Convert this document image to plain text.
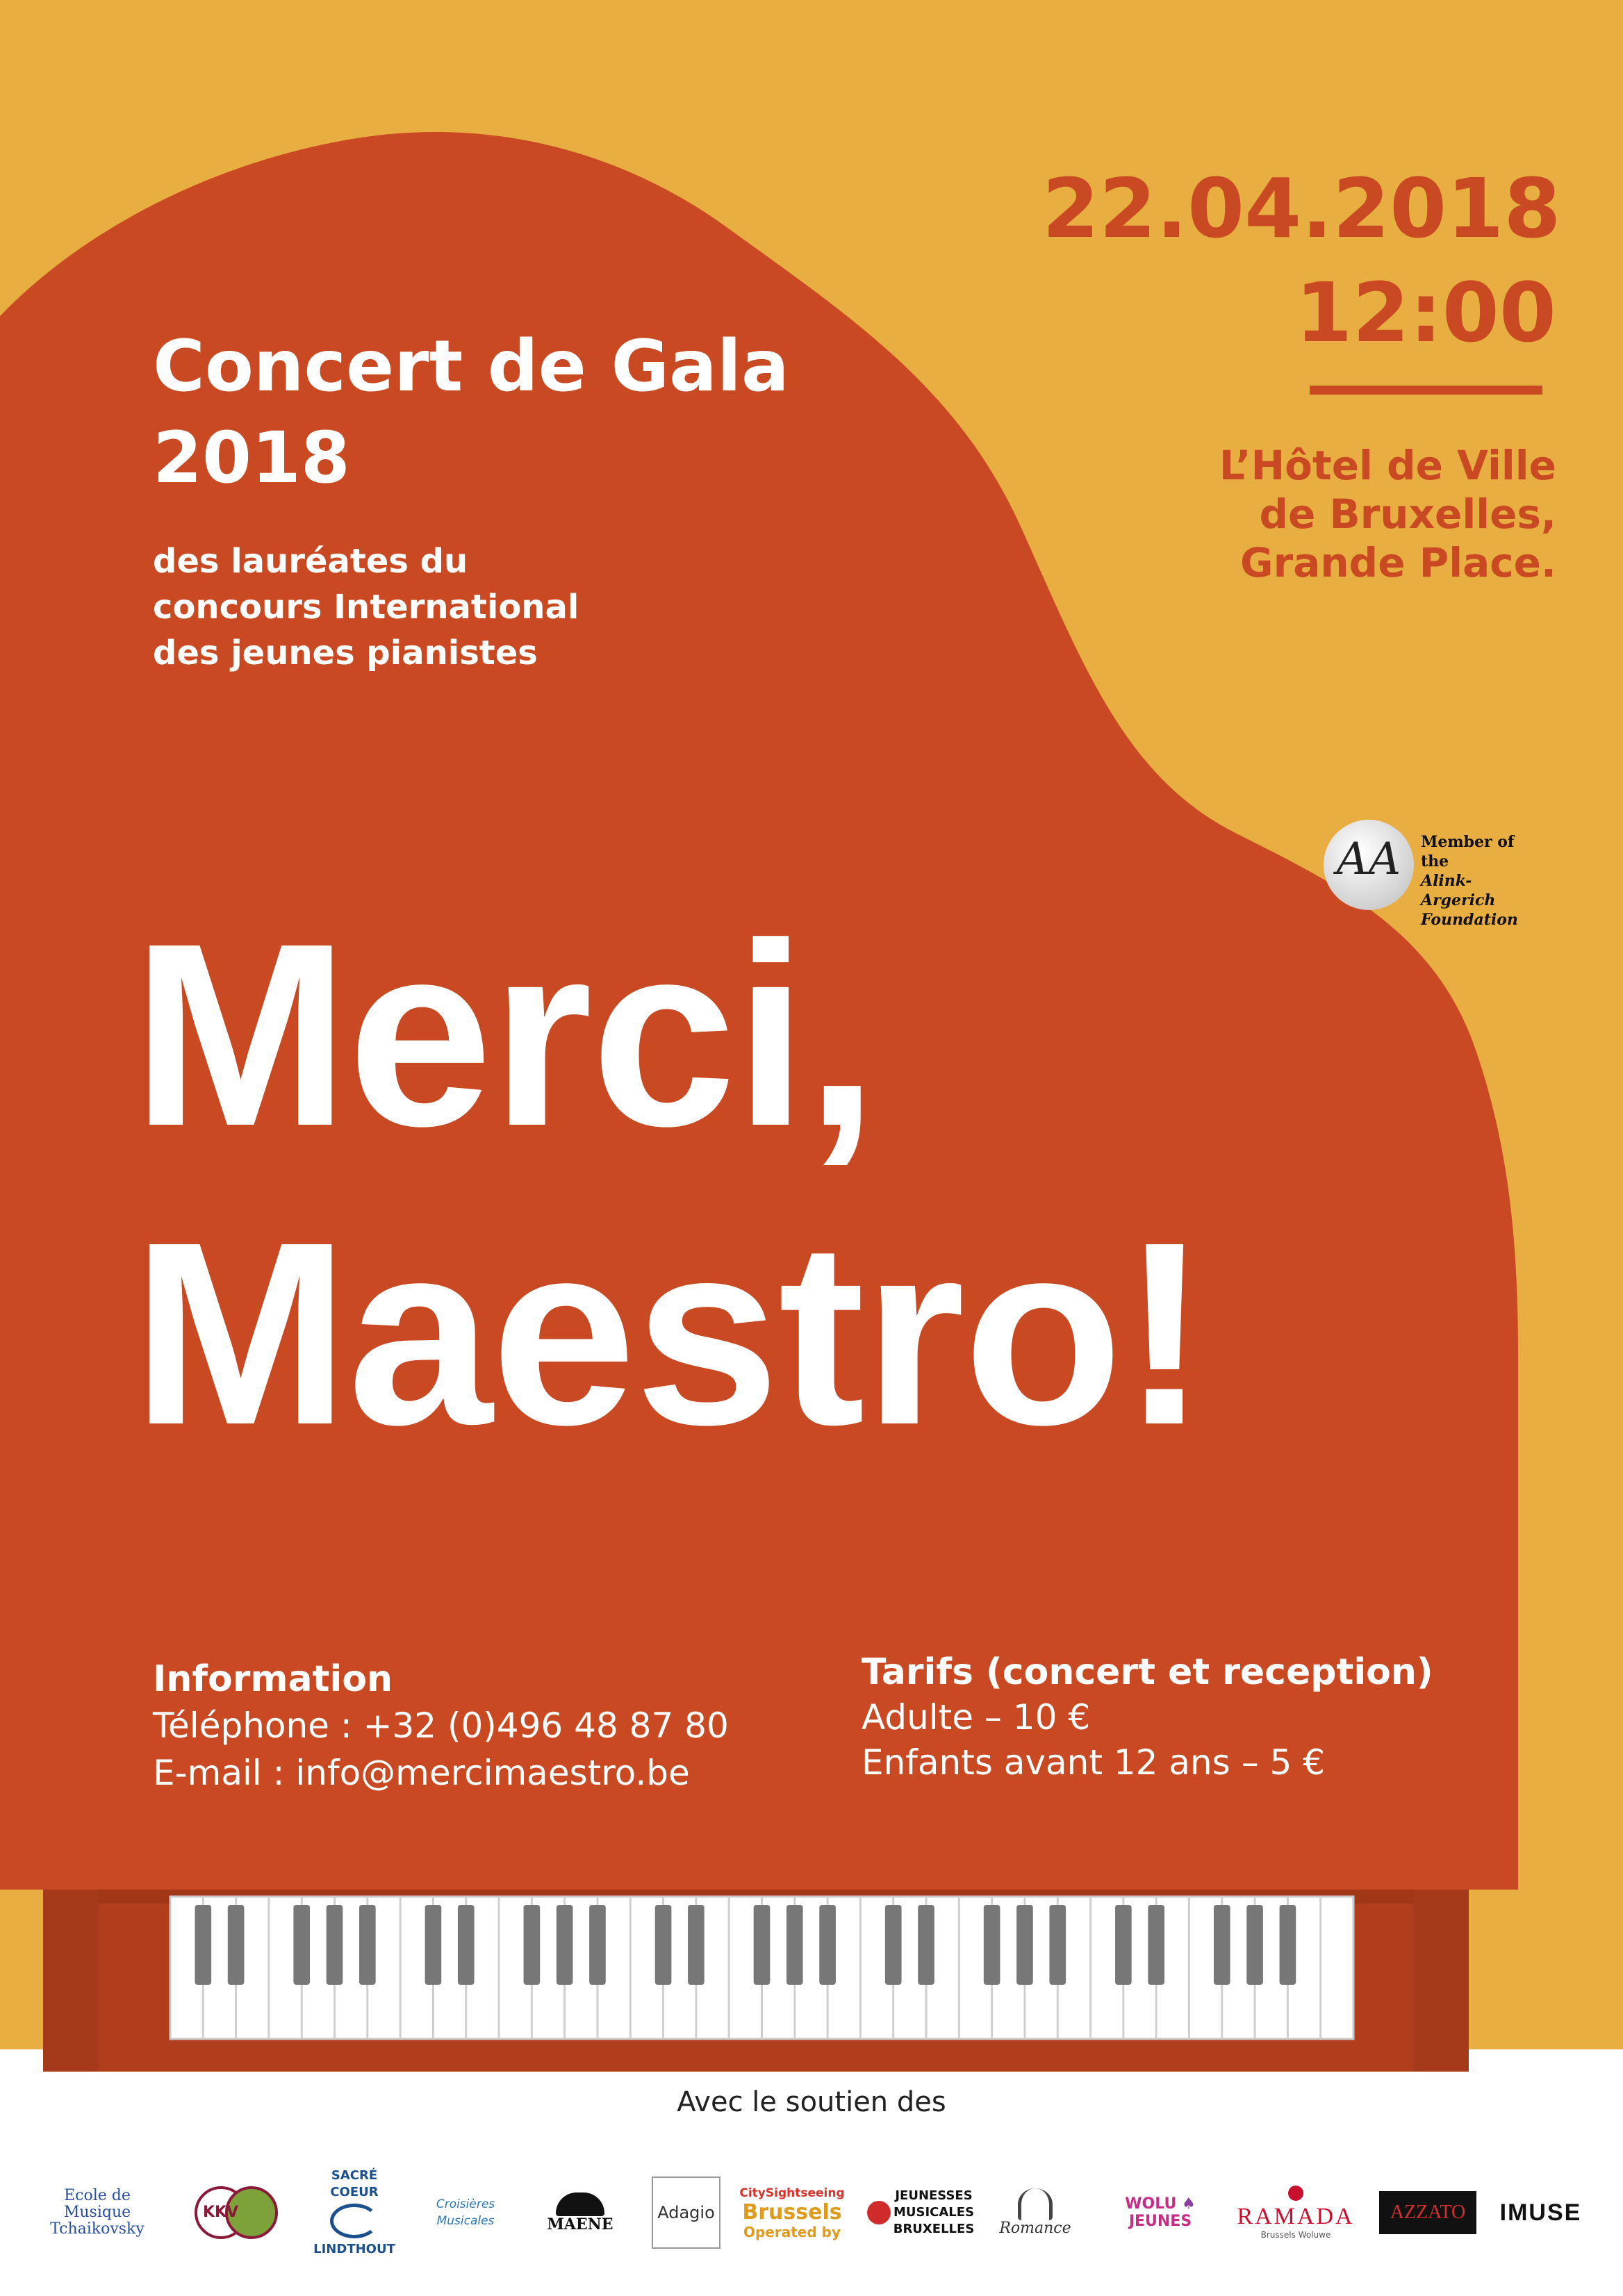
22.04.2018
12:00
L’Hôtel de Ville
de Bruxelles,
Grande Place.
Concert de Gala
2018
des lauréates du
concours International
des jeunes pianistes
AA	Member of the
Alink-Argerich
Foundation
Merci,
Maestro!
Information
Téléphone : +32 (0)496 48 87 80
E-mail : info@mercimaestro.be
Tarifs (concert et reception)
Adulte – 10 €
Enfants avant 12 ans – 5 €
Avec le soutien des
Ecole de
Musique
Tchaikovsky
KKV
SACRÉ
COEUR
LINDTHOUT
Croisières
Musicales	MAENE
Adagio
CitySightseeing
Brussels
Operated by
JEUNESSES
MUSICALES
BRUXELLES Romance
WOLU ♠ JEUNES	RAMADA
Brussels Woluwe
AZZATO IMUSE
